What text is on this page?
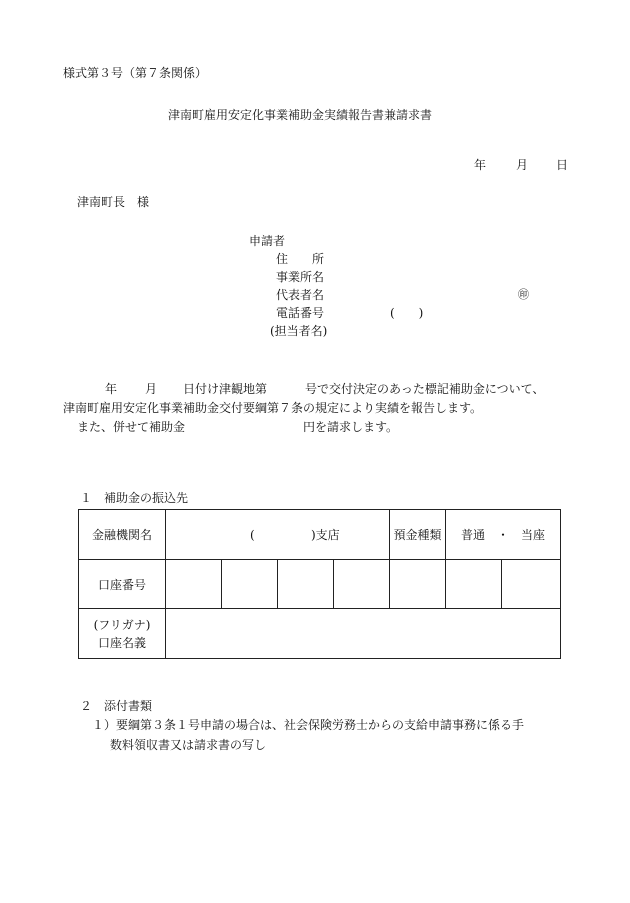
様式第３号（第７条関係）
津南町雇用安定化事業補助金実績報告書兼請求書
年 月 日
津南町長　様
申請者
住　　所
事業所名
代表者名	㊞
電話番号	(　　)
(担当者名)
年 月 日付け津観地第	号で交付決定のあった標記補助金について、
津南町雇用安定化事業補助金交付要綱第７条の規定により実績を報告します。
また、併せて補助金	円を請求します。
１　補助金の振込先
金融機関名	( )支店				預金種類	普通　・　当座	
口座番号							

(フリガナ)
口座名義							

２　添付書類
１）要綱第３条１号申請の場合は、社会保険労務士からの支給申請事務に係る手
数料領収書又は請求書の写し
